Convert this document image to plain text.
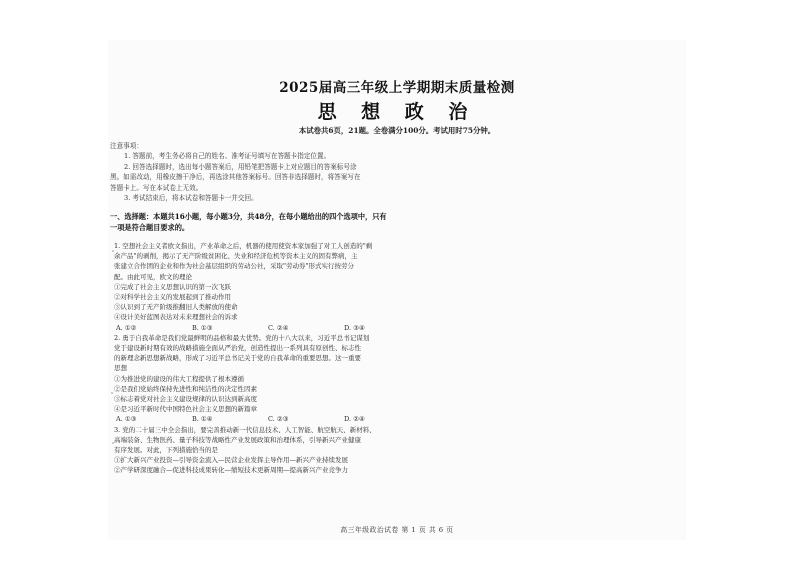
2025届高三年级上学期期末质量检测
思 想 政 治
本试卷共6页，21题。全卷满分100分。考试用时75分钟。

注意事项：

1. 答题前，考生务必将自己的姓名、准考证号填写在答题卡指定位置。

2. 回答选择题时，选出每小题答案后，用铅笔把答题卡上对应题目的答案标号涂

黑。如需改动，用橡皮擦干净后，再选涂其他答案标号。回答非选择题时，将答案写在

答题卡上。写在本试卷上无效。

3. 考试结束后，将本试卷和答题卡一并交回。

一、选择题：本题共16小题，每小题3分，共48分，在每小题给出的四个选项中，只有

一项是符合题目要求的。

1. 空想社会主义者欧文指出，产业革命之后，机器的使用使资本家加强了对工人创造的"剩

余产品"的剥削，揭示了无产阶级贫困化、失业和经济危机等资本主义的固有弊病，主

张建立合作团的企业和作为社会基层组织的劳动公社，采取"劳动券"形式实行按劳分

配。由此可见，欧文的理论

①完成了社会主义思想认识的第一次飞跃

②对科学社会主义的发展起到了推动作用

③认识到了无产阶级推翻旧人类解放的使命

④设计美好蓝图表达对未来理想社会的诉求

A. ①②	B. ①③	C. ②④	D. ③④

2. 勇于自我革命是我们党最鲜明的品格和最大优势。党的十八大以来，习近平总书记谋划

党于建设新时期有效的战略措施全面从严治党，创造性提出一系列具有原创性、标志性

的新理念新思想新战略，形成了习近平总书记关于党的自我革命的重要思想。这一重要

思想

①为推进党的建设的伟大工程提供了根本遵循

②是我们党始终保持先进性和纯洁性的决定性因素

③标志着党对社会主义建设规律的认识达到新高度

④是习近平新时代中国特色社会主义思想的新篇章

A. ①③	B. ①④	C. ②③	D. ②④

3. 党的二十届三中全会指出，要完善推动新一代信息技术、人工智能、航空航天、新材料、

高端装备、生物医药、量子科技等战略性产业发展政策和治理体系，引导新兴产业健康

有序发展。对此，下列措施恰当的是

①扩大新兴产业投资—引导资金流入—民营企业发挥主导作用—新兴产业持续发展

②产学研深度融合—促进科技成果转化—缩短技术更新周期—提高新兴产业竞争力

高三年级政治试卷 第 1 页 共 6 页
